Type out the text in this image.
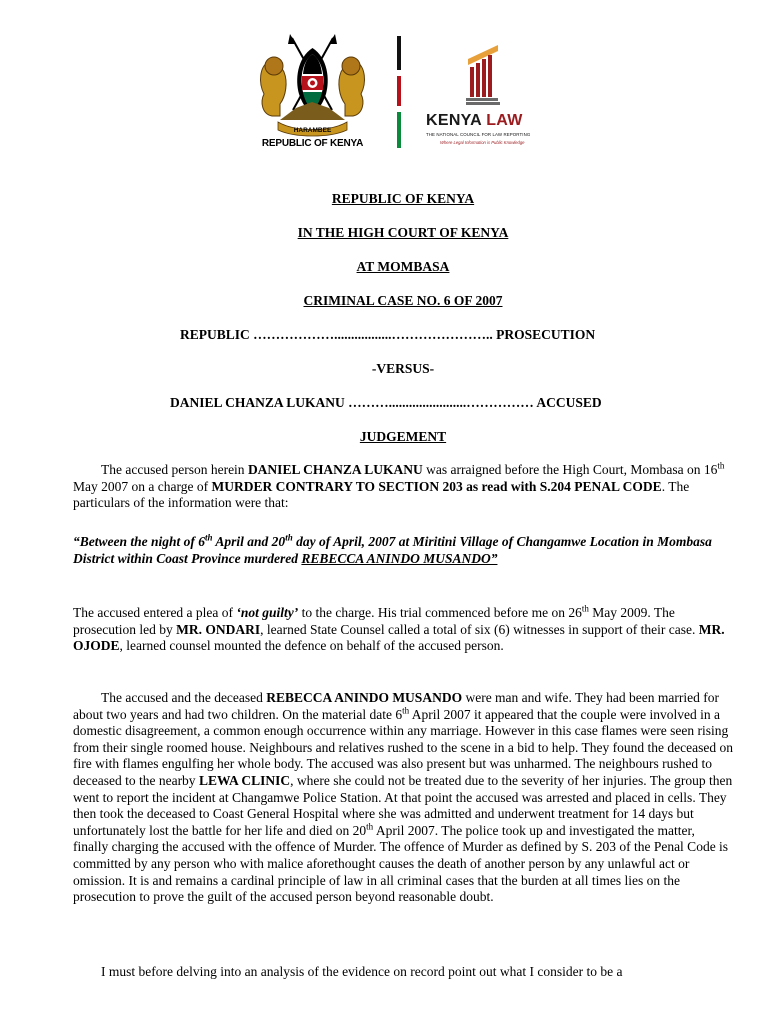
HARAMBEE
REPUBLIC OF KENYA
KENYA LAW
THE NATIONAL COUNCIL FOR LAW REPORTING
Where Legal Information is Public Knowledge
REPUBLIC OF KENYA
IN THE HIGH COURT OF KENYA
AT MOMBASA
CRIMINAL CASE NO. 6 OF 2007
REPUBLIC ……………….................………………….. PROSECUTION
-VERSUS-
DANIEL CHANZA LUKANU ……….......................…………… ACCUSED
JUDGEMENT
The accused person herein DANIEL CHANZA LUKANU was arraigned before the High Court, Mombasa on 16th May 2007 on a charge of MURDER CONTRARY TO SECTION 203 as read with S.204 PENAL CODE. The particulars of the information were that:
“Between the night of 6th April and 20th day of April, 2007 at Miritini Village of Changamwe Location in Mombasa District within Coast Province murdered REBECCA ANINDO MUSANDO”
The accused entered a plea of ‘not guilty’ to the charge. His trial commenced before me on 26th May 2009. The prosecution led by MR. ONDARI, learned State Counsel called a total of six (6) witnesses in support of their case. MR. OJODE, learned counsel mounted the defence on behalf of the accused person.
The accused and the deceased REBECCA ANINDO MUSANDO were man and wife. They had been married for about two years and had two children. On the material date 6th April 2007 it appeared that the couple were involved in a domestic disagreement, a common enough occurrence within any marriage. However in this case flames were seen rising from their single roomed house. Neighbours and relatives rushed to the scene in a bid to help. They found the deceased on fire with flames engulfing her whole body. The accused was also present but was unharmed. The neighbours rushed to deceased to the nearby LEWA CLINIC, where she could not be treated due to the severity of her injuries. The group then went to report the incident at Changamwe Police Station. At that point the accused was arrested and placed in cells. They then took the deceased to Coast General Hospital where she was admitted and underwent treatment for 14 days but unfortunately lost the battle for her life and died on 20th April 2007. The police took up and investigated the matter, finally charging the accused with the offence of Murder. The offence of Murder as defined by S. 203 of the Penal Code is committed by any person who with malice aforethought causes the death of another person by any unlawful act or omission. It is and remains a cardinal principle of law in all criminal cases that the burden at all times lies on the prosecution to prove the guilt of the accused person beyond reasonable doubt.
I must before delving into an analysis of the evidence on record point out what I consider to be a
